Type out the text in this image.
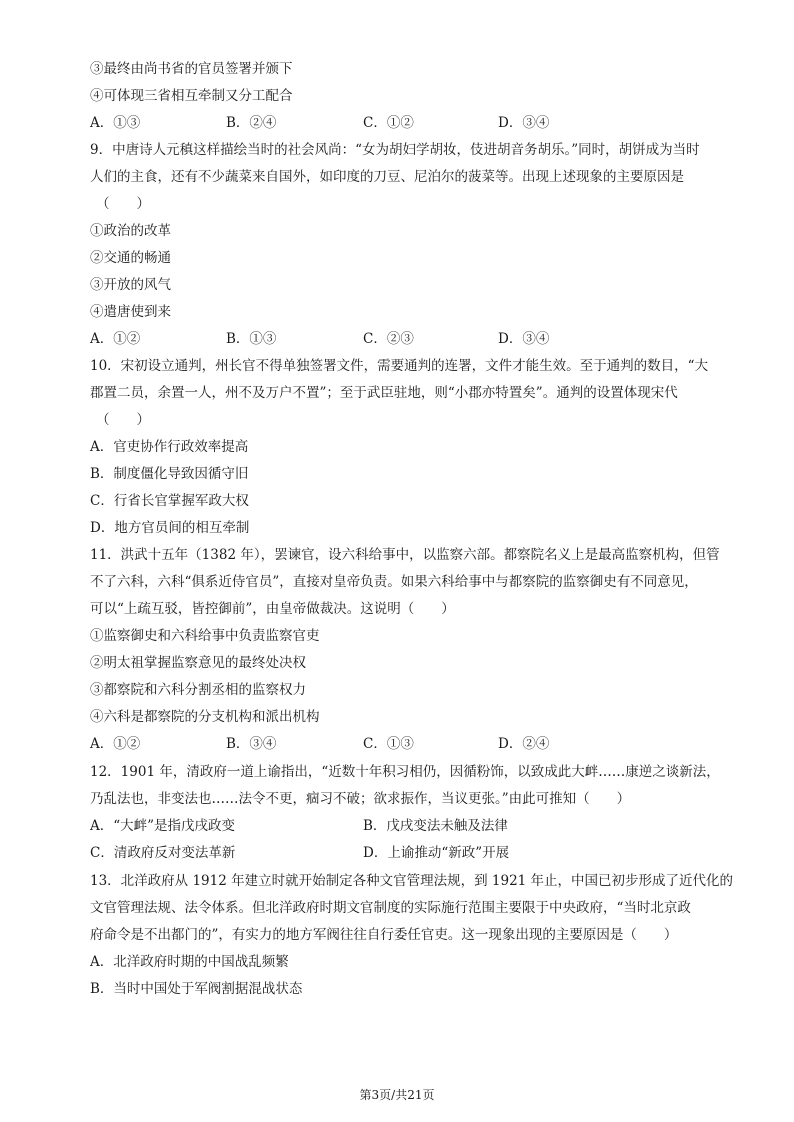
③最终由尚书省的官员签署并颁下
④可体现三省相互牵制又分工配合
A．①③	B．②④	C．①②	D．③④
9．中唐诗人元稹这样描绘当时的社会风尚：“女为胡妇学胡妆，伎进胡音务胡乐。”同时，胡饼成为当时
人们的主食，还有不少蔬菜来自国外，如印度的刀豆、尼泊尔的菠菜等。出现上述现象的主要原因是
（　　）
①政治的改革
②交通的畅通
③开放的风气
④遣唐使到来
A．①②	B．①③	C．②③	D．③④
10．宋初设立通判，州长官不得单独签署文件，需要通判的连署，文件才能生效。至于通判的数目，“大
郡置二员，余置一人，州不及万户不置”；至于武臣驻地，则“小郡亦特置矣”。通判的设置体现宋代
（　　）
A．官吏协作行政效率提高
B．制度僵化导致因循守旧
C．行省长官掌握军政大权
D．地方官员间的相互牵制
11．洪武十五年（1382 年），罢谏官，设六科给事中，以监察六部。都察院名义上是最高监察机构，但管
不了六科，六科“俱系近侍官员”，直接对皇帝负责。如果六科给事中与都察院的监察御史有不同意见，
可以“上疏互驳，皆控御前”，由皇帝做裁决。这说明（　　）
①监察御史和六科给事中负责监察官吏
②明太祖掌握监察意见的最终处决权
③都察院和六科分割丞相的监察权力
④六科是都察院的分支机构和派出机构
A．①②	B．③④	C．①③	D．②④
12．1901 年，清政府一道上谕指出，“近数十年积习相仍，因循粉饰，以致成此大衅……康逆之谈新法，
乃乱法也，非变法也……法令不更，痼习不破；欲求振作，当议更张。”由此可推知（　　）
A．“大衅”是指戊戌政变	B．戊戌变法未触及法律
C．清政府反对变法革新	D．上谕推动“新政”开展
13．北洋政府从 1912 年建立时就开始制定各种文官管理法规，到 1921 年止，中国已初步形成了近代化的
文官管理法规、法令体系。但北洋政府时期文官制度的实际施行范围主要限于中央政府，“当时北京政
府命令是不出都门的”，有实力的地方军阀往往自行委任官吏。这一现象出现的主要原因是（　　）
A．北洋政府时期的中国战乱频繁
B．当时中国处于军阀割据混战状态
第3页/共21页
